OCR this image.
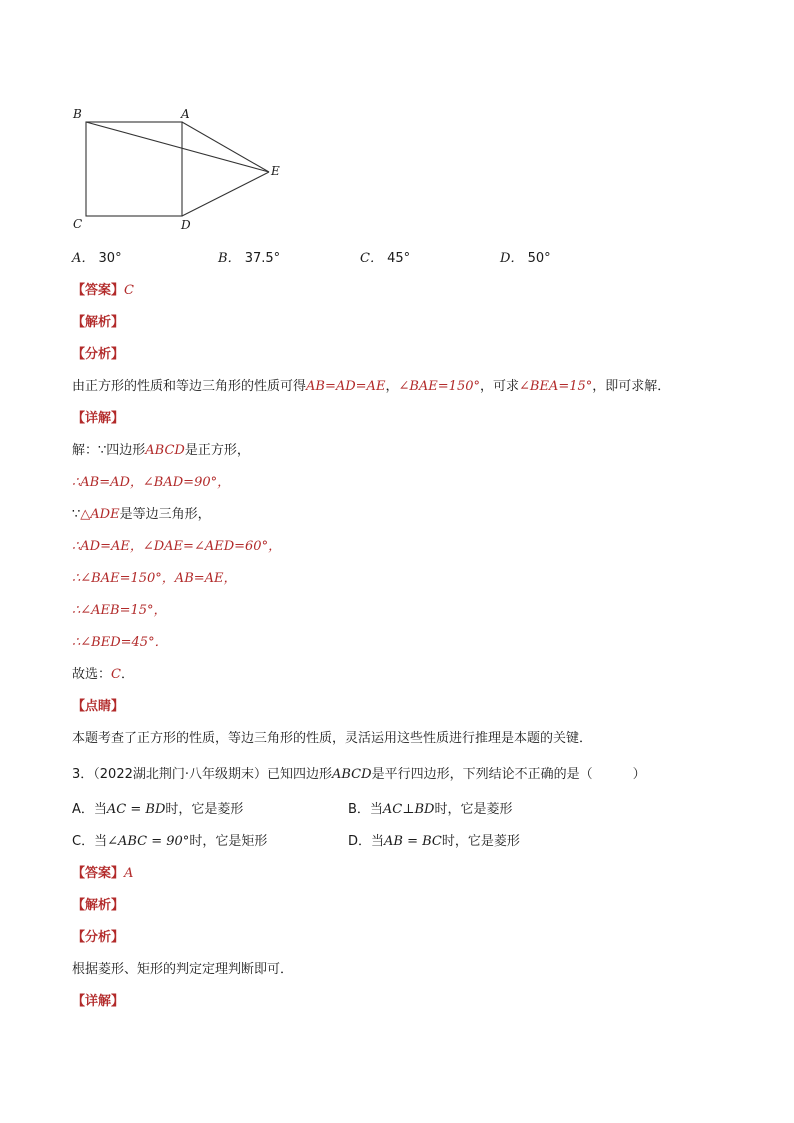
B	A
C	D
E
A． 30°	B． 37.5°	C． 45°	D． 50°
【答案】C
【解析】
【分析】
由正方形的性质和等边三角形的性质可得AB=AD=AE，∠BAE=150°，可求∠BEA=15°，即可求解．
【详解】
解：∵四边形ABCD是正方形，
∴AB=AD，∠BAD=90°，
∵△ADE是等边三角形，
∴AD=AE，∠DAE=∠AED=60°，
∴∠BAE=150°，AB=AE，
∴∠AEB=15°，
∴∠BED=45°．
故选：C．
【点睛】
本题考查了正方形的性质，等边三角形的性质，灵活运用这些性质进行推理是本题的关键．
3．（2022湖北荆门·八年级期末）已知四边形ABCD是平行四边形，下列结论不正确的是（	）
A．当AC = BD时，它是菱形	B．当AC⊥BD时，它是菱形
C．当∠ABC = 90°时，它是矩形	D．当AB = BC时，它是菱形
【答案】A
【解析】
【分析】
根据菱形、矩形的判定定理判断即可．
【详解】
